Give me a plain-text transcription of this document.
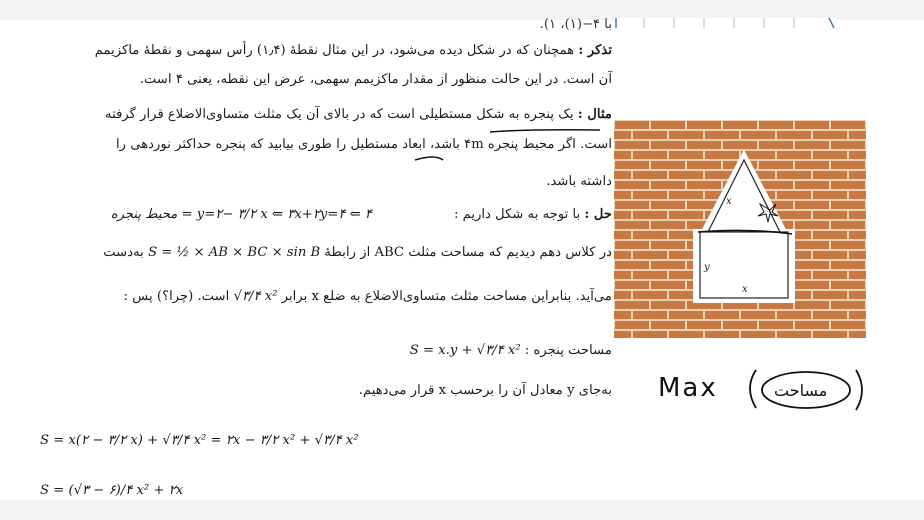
با ۴−(۱)، ۱).
تذکر : همچنان که در شکل دیده می‌شود، در این مثال نقطهٔ (۱٫۴) رأس سهمی و نقطهٔ ماکزیمم
آن است. در این حالت منظور از مقدار ماکزیمم سهمی، عرض این نقطه، یعنی ۴ است.
مثال : یک پنجره به شکل مستطیلی است که در بالای آن یک مثلث متساوی‌الاضلاع قرار گرفته
است. اگر محیط پنجره ۴m باشد، ابعاد مستطیل را طوری بیابید که پنجره حداکثر نوردهی را
داشته باشد.
حل : با توجه به شکل داریم :
y=۲− ۳/۲ x ⇐ ۳x+۲y=۴ ⇐ ۴ = محیط پنجره
در کلاس دهم دیدیم که مساحت مثلث ABC از رابطهٔ S = ½ × AB × BC × sin B به‌دست
می‌آید. بنابراین مساحت مثلث متساوی‌الاضلاع به ضلع x برابر √۳/۴ x² است. (چرا؟) پس :
مساحت پنجره : S = x.y + √۳/۴ x²
به‌جای y معادل آن را برحسب x قرار می‌دهیم.
S = x(۲ − ۳/۲ x) + √۳/۴ x² = ۲x − ۳/۲ x² + √۳/۴ x²
S = (√۳ − ۶)/۴ x² + ۲x
x
y
x
Max	مساحت
